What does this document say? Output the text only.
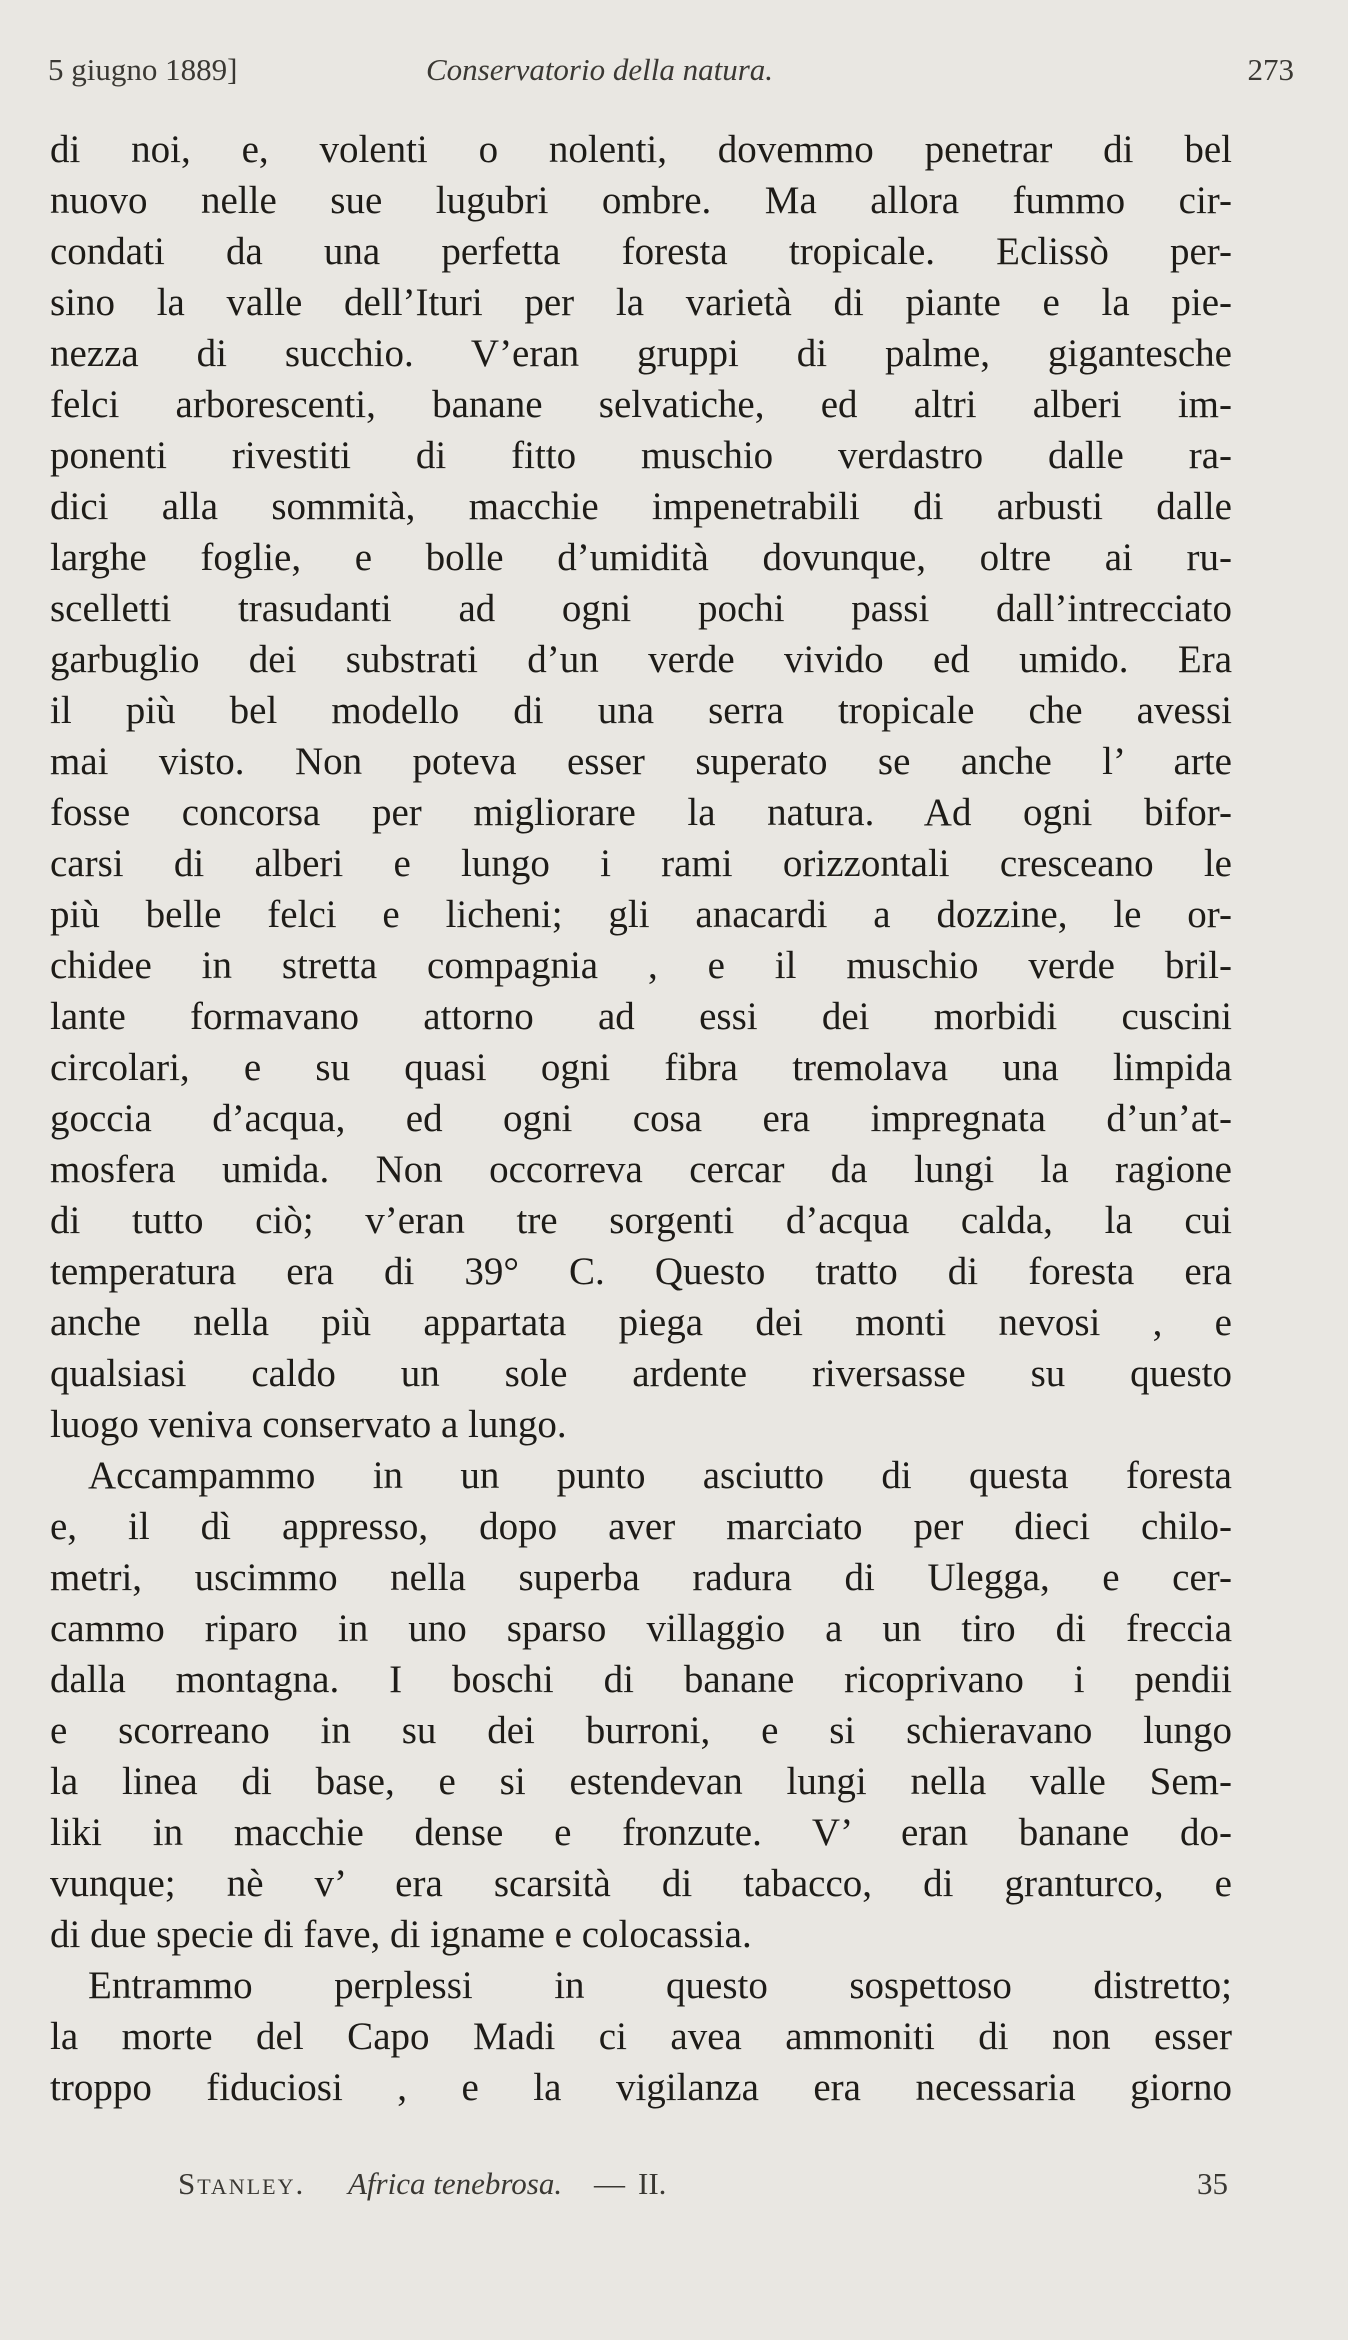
5 giugno 1889]	Conservatorio della natura.	273
di noi, e, volenti o nolenti, dovemmo penetrar di bel
nuovo nelle sue lugubri ombre. Ma allora fummo cir-
condati da una perfetta foresta tropicale. Eclissò per-
sino la valle dell’Ituri per la varietà di piante e la pie-
nezza di succhio. V’eran gruppi di palme, gigantesche
felci arborescenti, banane selvatiche, ed altri alberi im-
ponenti rivestiti di fitto muschio verdastro dalle ra-
dici alla sommità, macchie impenetrabili di arbusti dalle
larghe foglie, e bolle d’umidità dovunque, oltre ai ru-
scelletti trasudanti ad ogni pochi passi dall’intrecciato
garbuglio dei substrati d’un verde vivido ed umido. Era
il più bel modello di una serra tropicale che avessi
mai visto. Non poteva esser superato se anche l’ arte
fosse concorsa per migliorare la natura. Ad ogni bifor-
carsi di alberi e lungo i rami orizzontali cresceano le
più belle felci e licheni; gli anacardi a dozzine, le or-
chidee in stretta compagnia , e il muschio verde bril-
lante formavano attorno ad essi dei morbidi cuscini
circolari, e su quasi ogni fibra tremolava una limpida
goccia d’acqua, ed ogni cosa era impregnata d’un’at-
mosfera umida. Non occorreva cercar da lungi la ragione
di tutto ciò; v’eran tre sorgenti d’acqua calda, la cui
temperatura era di 39° C. Questo tratto di foresta era
anche nella più appartata piega dei monti nevosi , e
qualsiasi caldo un sole ardente riversasse su questo
luogo veniva conservato a lungo.
Accampammo in un punto asciutto di questa foresta
e, il dì appresso, dopo aver marciato per dieci chilo-
metri, uscimmo nella superba radura di Ulegga, e cer-
cammo riparo in uno sparso villaggio a un tiro di freccia
dalla montagna. I boschi di banane ricoprivano i pendii
e scorreano in su dei burroni, e si schieravano lungo
la linea di base, e si estendevan lungi nella valle Sem-
liki in macchie dense e fronzute. V’ eran banane do-
vunque; nè v’ era scarsità di tabacco, di granturco, e
di due specie di fave, di igname e colocassia.
Entrammo perplessi in questo sospettoso distretto;
la morte del Capo Madi ci avea ammoniti di non esser
troppo fiduciosi , e la vigilanza era necessaria giorno
Stanley. Africa tenebrosa. — II.	35
